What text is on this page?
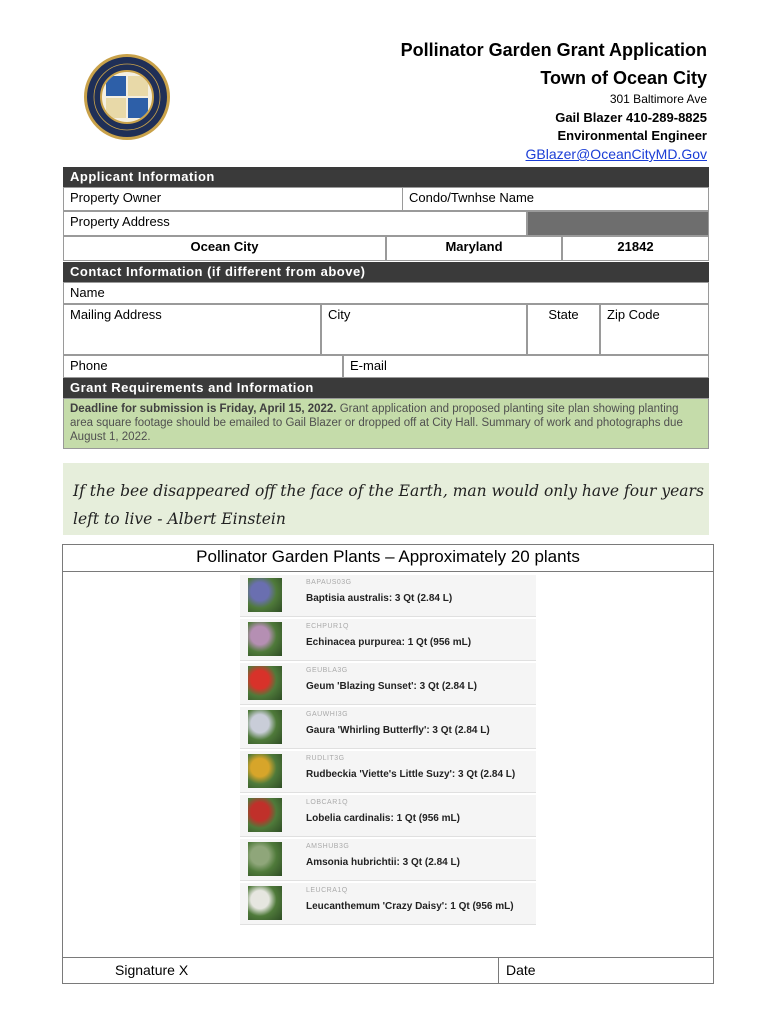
Pollinator Garden Grant Application
Town of Ocean City
301 Baltimore Ave
Gail Blazer 410-289-8825
Environmental Engineer
GBlazer@OceanCityMD.Gov
Applicant Information
Property Owner	Condo/Twnhse Name
Property Address
Ocean City	Maryland	21842
Contact Information (if different from above)
Name
Mailing Address	City	State	Zip Code
Phone	E-mail
Grant Requirements and Information
Deadline for submission is Friday, April 15, 2022. Grant application and proposed planting site plan showing planting area square footage should be emailed to Gail Blazer or dropped off at City Hall. Summary of work and photographs due August 1, 2022.
If the bee disappeared off the face of the Earth, man would only have four years
left to live - Albert Einstein
Pollinator Garden Plants – Approximately 20 plants
BAPAUS03G
Baptisia australis: 3 Qt (2.84 L)
ECHPUR1Q
Echinacea purpurea: 1 Qt (956 mL)
GEUBLA3G
Geum 'Blazing Sunset': 3 Qt (2.84 L)
GAUWHI3G
Gaura 'Whirling Butterfly': 3 Qt (2.84 L)
RUDLIT3G
Rudbeckia 'Viette's Little Suzy': 3 Qt (2.84 L)
LOBCAR1Q
Lobelia cardinalis: 1 Qt (956 mL)
AMSHUB3G
Amsonia hubrichtii: 3 Qt (2.84 L)
LEUCRA1Q
Leucanthemum 'Crazy Daisy': 1 Qt (956 mL)
Signature X	Date
